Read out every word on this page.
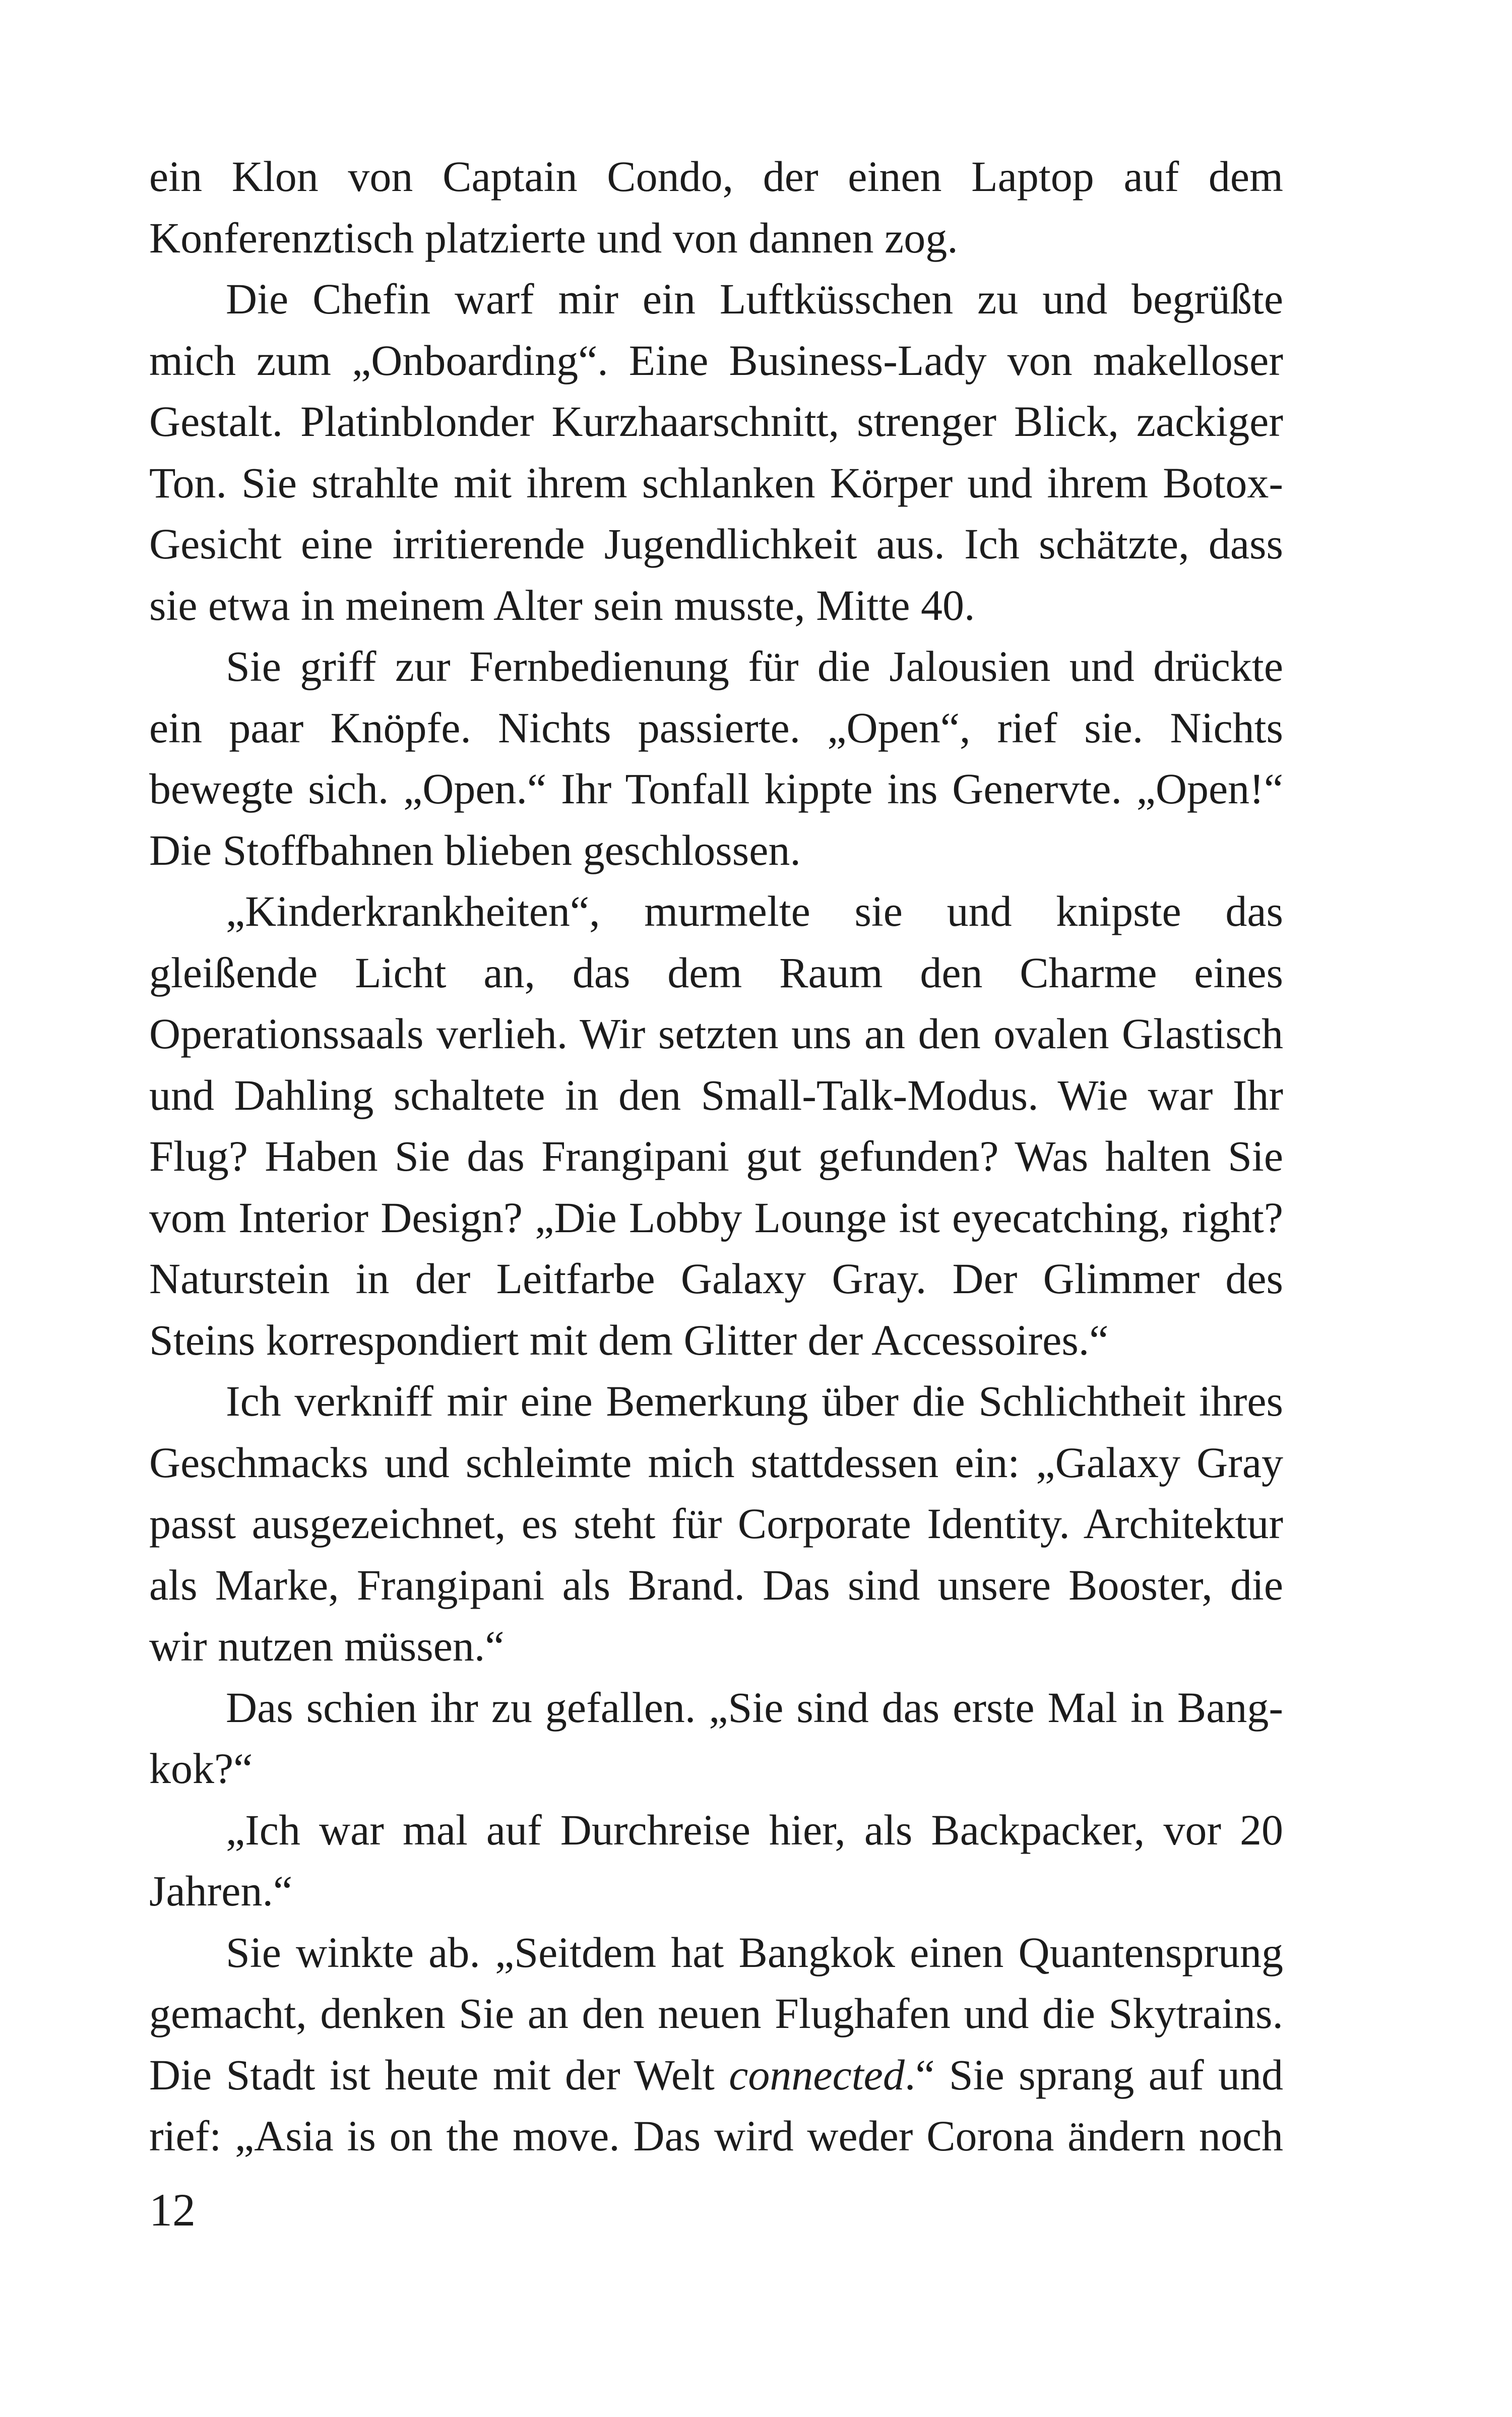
ein Klon von Captain Condo, der einen Laptop auf dem
Konferenztisch platzierte und von dannen zog.
Die Chefin warf mir ein Luftküsschen zu und begrüßte
mich zum „Onboarding“. Eine Business-Lady von makelloser
Gestalt. Platinblonder Kurzhaarschnitt, strenger Blick, zackiger
Ton. Sie strahlte mit ihrem schlanken Körper und ihrem Botox-
Gesicht eine irritierende Jugendlichkeit aus. Ich schätzte, dass
sie etwa in meinem Alter sein musste, Mitte 40.
Sie griff zur Fernbedienung für die Jalousien und drückte
ein paar Knöpfe. Nichts passierte. „Open“, rief sie. Nichts
bewegte sich. „Open.“ Ihr Tonfall kippte ins Genervte. „Open!“
Die Stoffbahnen blieben geschlossen.
„Kinderkrankheiten“, murmelte sie und knipste das
gleißende Licht an, das dem Raum den Charme eines
Operationssaals verlieh. Wir setzten uns an den ovalen Glastisch
und Dahling schaltete in den Small-Talk-Modus. Wie war Ihr
Flug? Haben Sie das Frangipani gut gefunden? Was halten Sie
vom Interior Design? „Die Lobby Lounge ist eyecatching, right?
Naturstein in der Leitfarbe Galaxy Gray. Der Glimmer des
Steins korrespondiert mit dem Glitter der Accessoires.“
Ich verkniff mir eine Bemerkung über die Schlichtheit ihres
Geschmacks und schleimte mich stattdessen ein: „Galaxy Gray
passt ausgezeichnet, es steht für Corporate Identity. Architektur
als Marke, Frangipani als Brand. Das sind unsere Booster, die
wir nutzen müssen.“
Das schien ihr zu gefallen. „Sie sind das erste Mal in Bang-
kok?“
„Ich war mal auf Durchreise hier, als Backpacker, vor 20
Jahren.“
Sie winkte ab. „Seitdem hat Bangkok einen Quantensprung
gemacht, denken Sie an den neuen Flughafen und die Skytrains.
Die Stadt ist heute mit der Welt connected.“ Sie sprang auf und
rief: „Asia is on the move. Das wird weder Corona ändern noch
12
